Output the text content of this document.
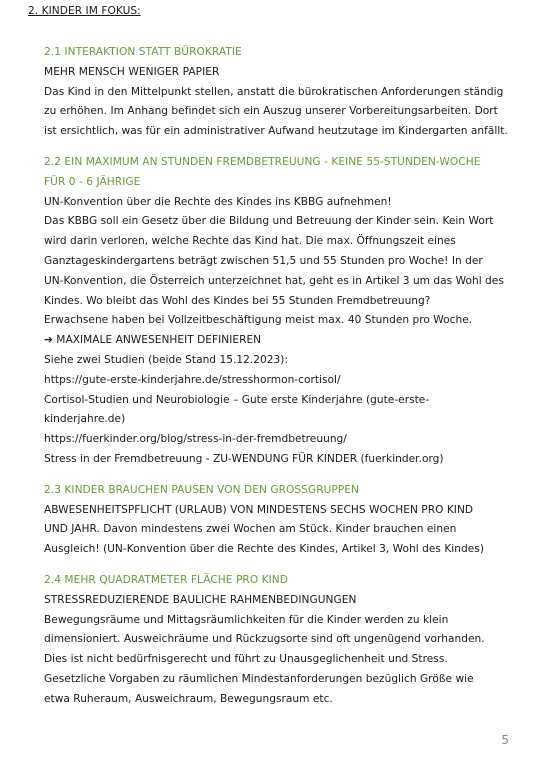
2. KINDER IM FOKUS:

2.1 INTERAKTION STATT BÜROKRATIE

MEHR MENSCH WENIGER PAPIER

Das Kind in den Mittelpunkt stellen, anstatt die bürokratischen Anforderungen ständig
zu erhöhen. Im Anhang befindet sich ein Auszug unserer Vorbereitungsarbeiten. Dort
ist ersichtlich, was für ein administrativer Aufwand heutzutage im Kindergarten anfällt.

2.2 EIN MAXIMUM AN STUNDEN FREMDBETREUUNG - KEINE 55-STUNDEN-WOCHE
FÜR 0 - 6 JÄHRIGE

UN-Konvention über die Rechte des Kindes ins KBBG aufnehmen!
Das KBBG soll ein Gesetz über die Bildung und Betreuung der Kinder sein. Kein Wort
wird darin verloren, welche Rechte das Kind hat. Die max. Öffnungszeit eines
Ganztageskindergartens beträgt zwischen 51,5 und 55 Stunden pro Woche! In der
UN-Konvention, die Österreich unterzeichnet hat, geht es in Artikel 3 um das Wohl des
Kindes. Wo bleibt das Wohl des Kindes bei 55 Stunden Fremdbetreuung?
Erwachsene haben bei Vollzeitbeschäftigung meist max. 40 Stunden pro Woche.
➔ MAXIMALE ANWESENHEIT DEFINIEREN
Siehe zwei Studien (beide Stand 15.12.2023):
https://gute-erste-kinderjahre.de/stresshormon-cortisol/
Cortisol-Studien und Neurobiologie – Gute erste Kinderjahre (gute-erste-
kinderjahre.de)
https://fuerkinder.org/blog/stress-in-der-fremdbetreuung/
Stress in der Fremdbetreuung - ZU-WENDUNG FÜR KINDER (fuerkinder.org)

2.3 KINDER BRAUCHEN PAUSEN VON DEN GROSSGRUPPEN

ABWESENHEITSPFLICHT (URLAUB) VON MINDESTENS SECHS WOCHEN PRO KIND
UND JAHR. Davon mindestens zwei Wochen am Stück. Kinder brauchen einen
Ausgleich! (UN-Konvention über die Rechte des Kindes, Artikel 3, Wohl des Kindes)

2.4 MEHR QUADRATMETER FLÄCHE PRO KIND

STRESSREDUZIERENDE BAULICHE RAHMENBEDINGUNGEN

Bewegungsräume und Mittagsräumlichkeiten für die Kinder werden zu klein
dimensioniert. Ausweichräume und Rückzugsorte sind oft ungenügend vorhanden.
Dies ist nicht bedürfnisgerecht und führt zu Unausgeglichenheit und Stress.
Gesetzliche Vorgaben zu räumlichen Mindestanforderungen bezüglich Größe wie
etwa Ruheraum, Ausweichraum, Bewegungsraum etc.

5
